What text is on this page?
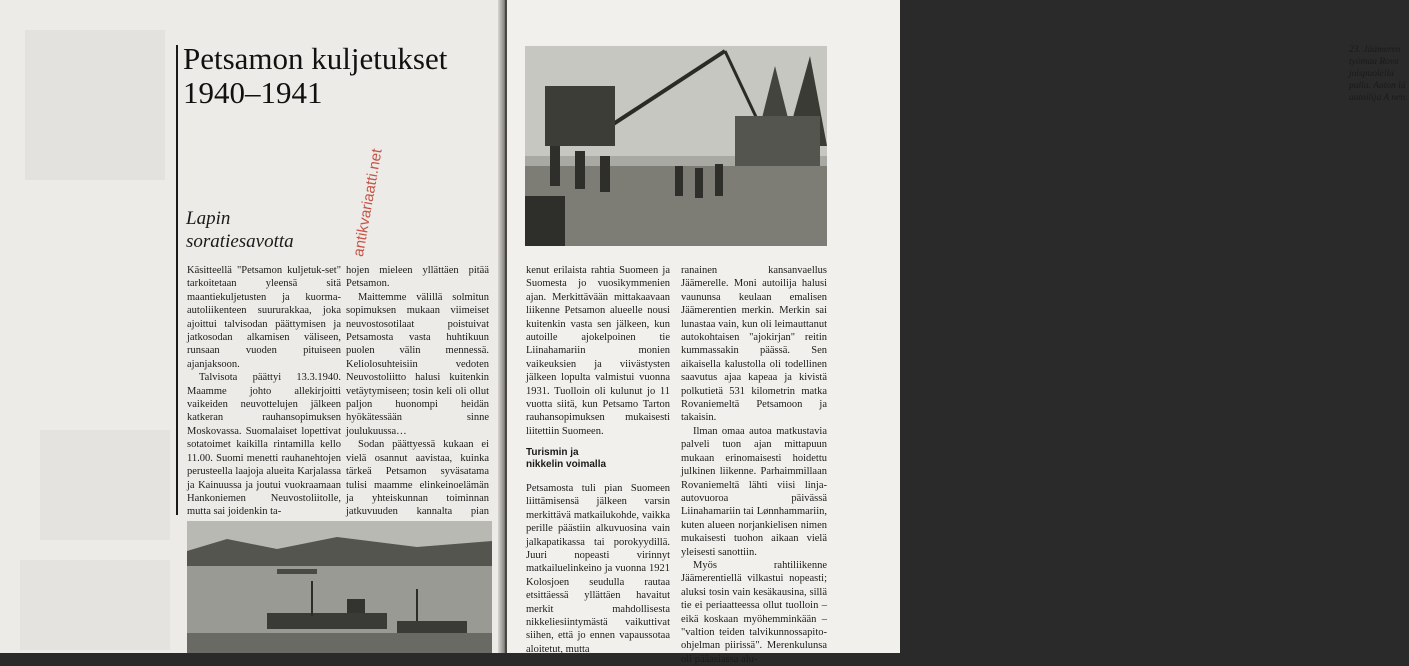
Petsamon kuljetukset
1940–1941
Lapin
soratiesavotta

Käsitteellä "Petsamon kuljetuk-set" tarkoitetaan yleensä sitä maantiekuljetusten ja kuorma-autoliikenteen suururakkaa, joka ajoittui talvisodan päättymisen ja jatkosodan alkamisen väliseen, runsaan vuoden pituiseen ajanjaksoon.

Talvisota päättyi 13.3.1940. Maamme johto allekirjoitti vaikeiden neuvottelujen jälkeen katkeran rauhansopimuksen Moskovassa. Suomalaiset lopettivat sotatoimet kaikilla rintamilla kello 11.00. Suomi menetti rauhanehtojen perusteella laajoja alueita Karjalassa ja Kainuussa ja joutui vuokraamaan Hankoniemen Neuvostoliitolle, mutta sai joidenkin ta-

hojen mieleen yllättäen pitää Petsamon.

Maittemme välillä solmitun sopimuksen mukaan viimeiset neuvostosotilaat poistuivat Petsamosta vasta huhtikuun puolen välin mennessä. Keliolosuhteisiin vedoten Neuvostoliitto halusi kuitenkin vetäytymiseen; tosin keli oli ollut paljon huonompi heidän hyökätessään sinne joulukuussa…

Sodan päättyessä kukaan ei vielä osannut aavistaa, kuinka tärkeä Petsamon syväsatama tulisi maamme elinkeinoelämän ja yhteiskunnan toiminnan jatkuvuuden kannalta pian

antikvariaatti.net
23. Jäämeren työmaa Rova joispuolella pulla. Auton lä autoilija A nen.

kenut erilaista rahtia Suomeen ja Suomesta jo vuosikymmenien ajan. Merkittävään mittakaavaan liikenne Petsamon alueelle nousi kuitenkin vasta sen jälkeen, kun autoille ajokelpoinen tie Liinahamariin monien vaikeuksien ja viivästysten jälkeen lopulta valmistui vuonna 1931. Tuolloin oli kulunut jo 11 vuotta siitä, kun Petsamo Tarton rauhansopimuksen mukaisesti liitettiin Suomeen.

Turismin ja
nikkelin voimalla

Petsamosta tuli pian Suomeen liittämisensä jälkeen varsin merkittävä matkailukohde, vaikka perille päästiin alkuvuosina vain jalkapatikassa tai porokyydillä. Juuri nopeasti virinnyt matkailuelinkeino ja vuonna 1921 Kolosjoen seudulla rautaa etsittäessä yllättäen havaitut merkit mahdollisesta nikkeliesiintymästä vaikuttivat siihen, että jo ennen vapaussotaa aloitetut, mutta

ranainen kansanvaellus Jäämerelle. Moni autoilija halusi vaununsa keulaan emalisen Jäämerentien merkin. Merkin sai lunastaa vain, kun oli leimauttanut autokohtaisen "ajokirjan" reitin kummassakin päässä. Sen aikaisella kalustolla oli todellinen saavutus ajaa kapeaa ja kivistä polkutietä 531 kilometrin matka Rovaniemeltä Petsamoon ja takaisin.

Ilman omaa autoa matkustavia palveli tuon ajan mittapuun mukaan erinomaisesti hoidettu julkinen liikenne. Parhaimmillaan Rovaniemeltä lähti viisi linja-autovuoroa päivässä Liinahamariin tai Lønnhammariin, kuten alueen norjankielisen nimen mukaisesti tuohon aikaan vielä yleisesti sanottiin.

Myös rahtiliikenne Jäämerentiellä vilkastui nopeasti; aluksi tosin vain kesäkausina, sillä tie ei periaatteessa ollut tuolloin – eikä koskaan myöhemminkään – "valtion teiden talvikunnossapito-ohjelman piirissä". Merenkulunsa oli pääasiassa alu-
